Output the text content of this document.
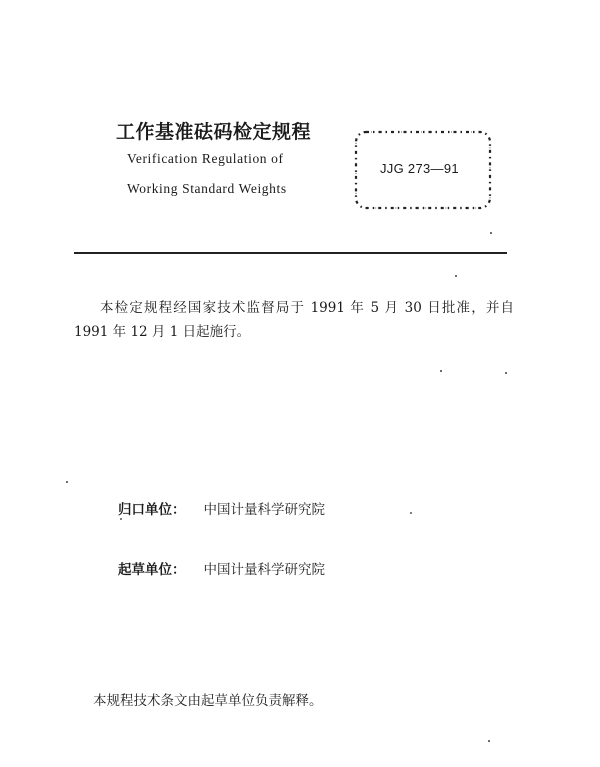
工作基准砝码检定规程
Verification Regulation of
Working Standard Weights
JJG 273—91
本检定规程经国家技术监督局于 1991 年 5 月 30 日批准，并自 1991 年 12 月 1 日起施行。
归口单位： 中国计量科学研究院
起草单位： 中国计量科学研究院
本规程技术条文由起草单位负责解释。
